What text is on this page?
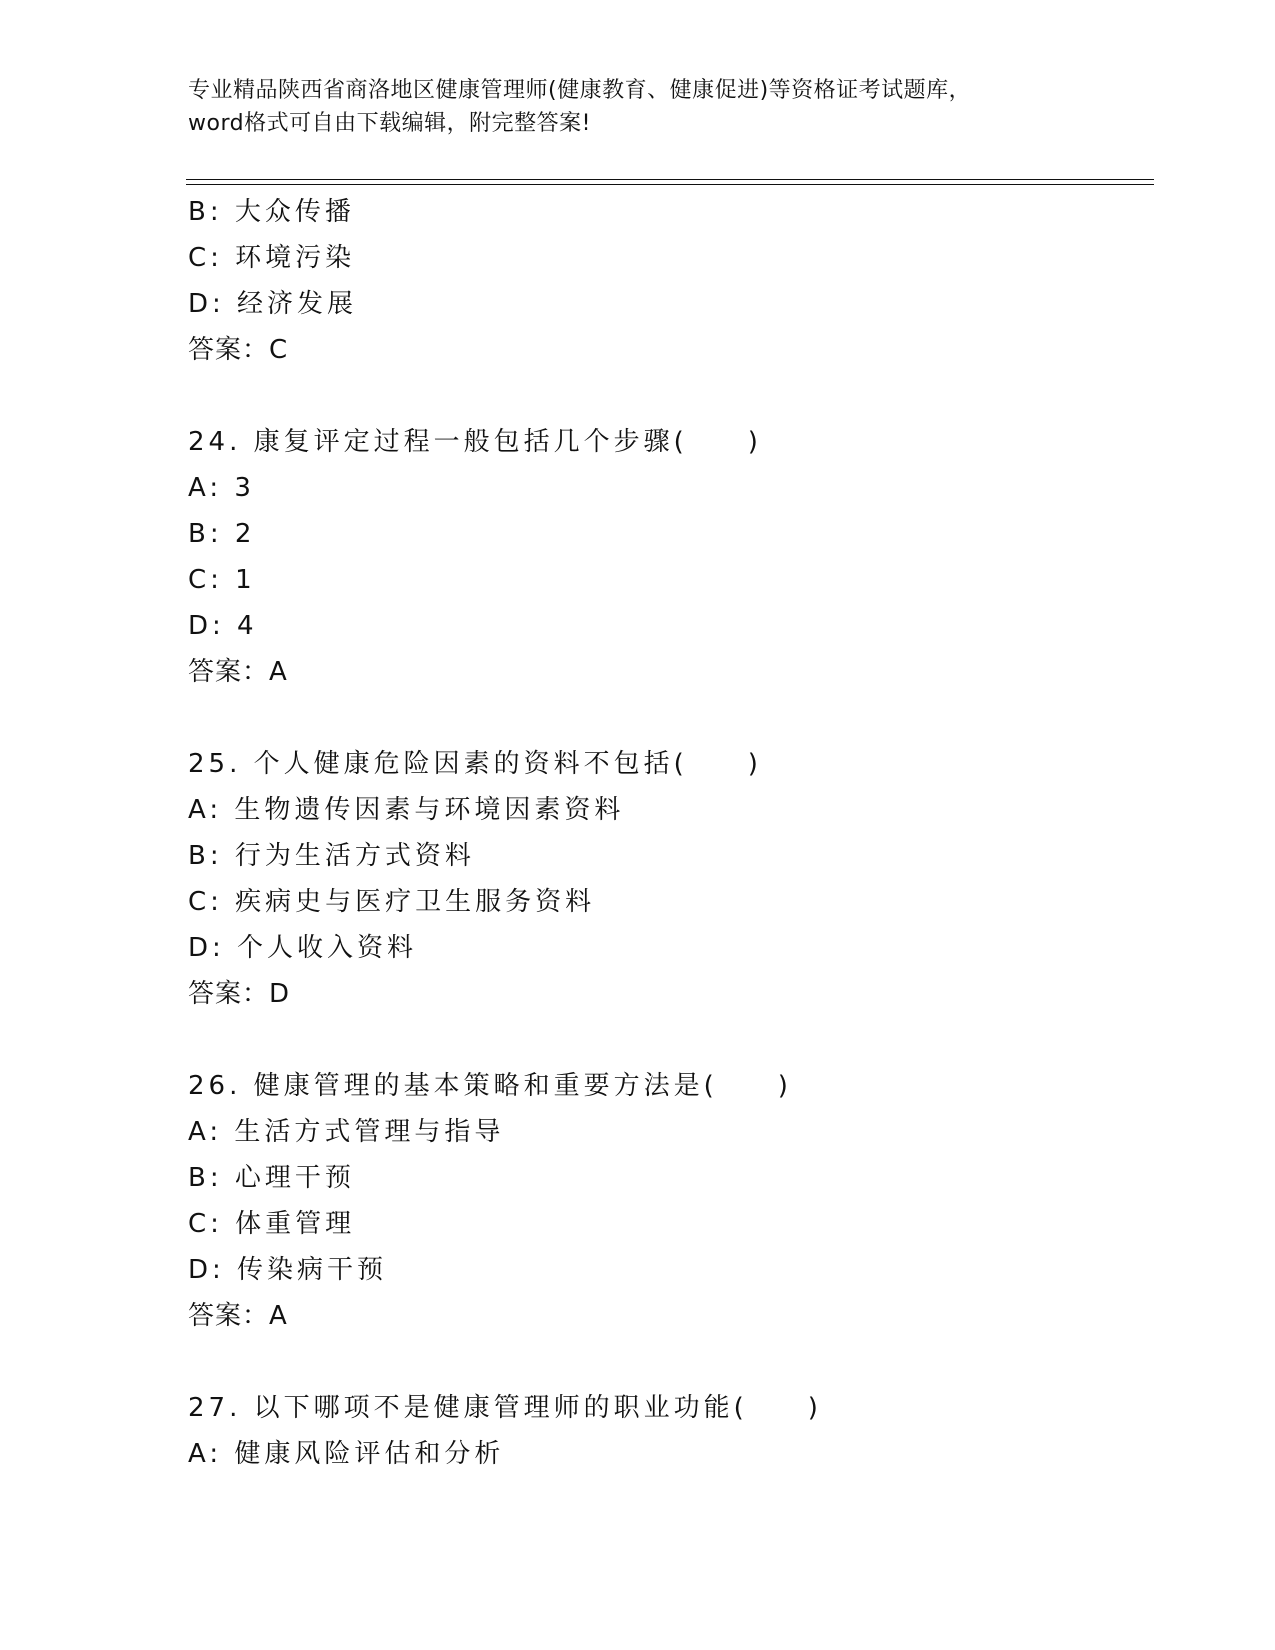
专业精品陕西省商洛地区健康管理师(健康教育、健康促进)等资格证考试题库，
word格式可自由下载编辑，附完整答案!
B: 大众传播
C: 环境污染
D: 经济发展
答案：C
24. 康复评定过程一般包括几个步骤(　　)
A: 3
B: 2
C: 1
D: 4
答案：A
25. 个人健康危险因素的资料不包括(　　)
A: 生物遗传因素与环境因素资料
B: 行为生活方式资料
C: 疾病史与医疗卫生服务资料
D: 个人收入资料
答案：D
26. 健康管理的基本策略和重要方法是(　　)
A: 生活方式管理与指导
B: 心理干预
C: 体重管理
D: 传染病干预
答案：A
27. 以下哪项不是健康管理师的职业功能(　　)
A: 健康风险评估和分析
